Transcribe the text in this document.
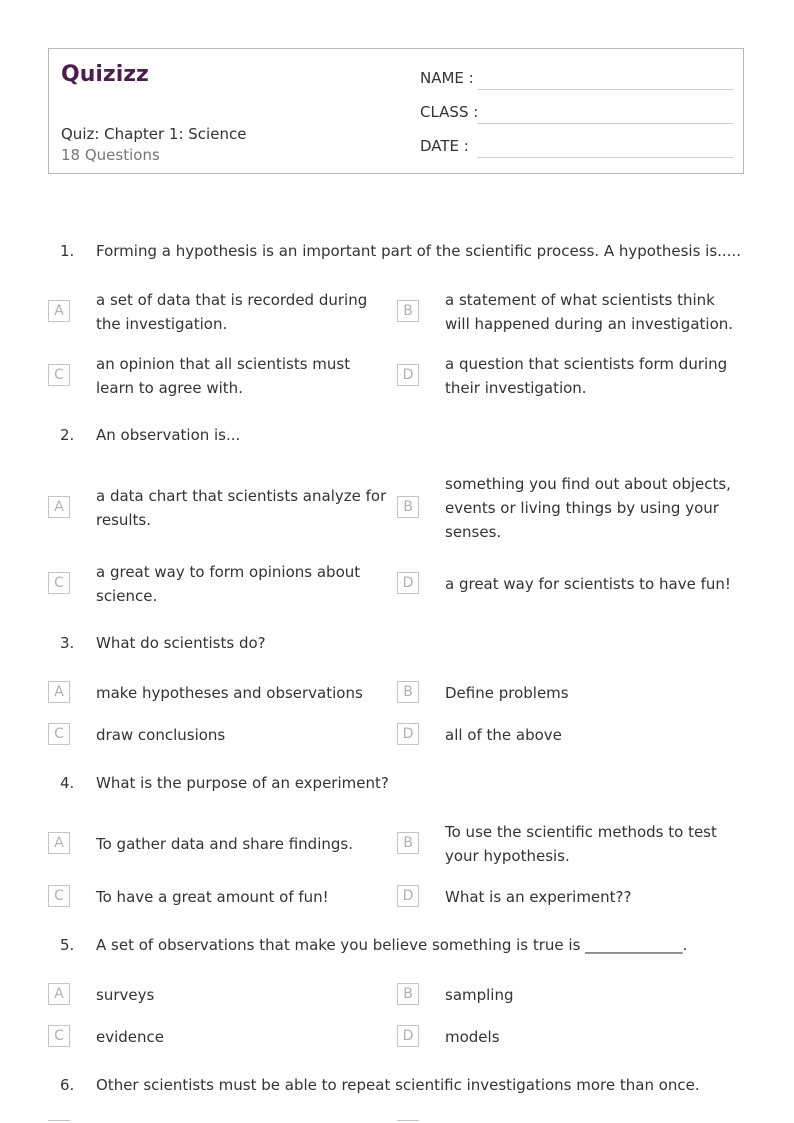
Quizizz
Quiz: Chapter 1: Science
18 Questions
NAME :
CLASS :
DATE :
1. Forming a hypothesis is an important part of the scientific process. A hypothesis is.....
A
a set of data that is recorded during the investigation.
B
a statement of what scientists think will happened during an investigation.
C
an opinion that all scientists must learn to agree with.
D
a question that scientists form during their investigation.
2. An observation is...
A
a data chart that scientists analyze for results.
B
something you find out about objects, events or living things by using your senses.
C
a great way to form opinions about science.
D	a great way for scientists to have fun!
3. What do scientists do?
A	make hypotheses and observations	B	Define problems
C	draw conclusions	D	all of the above
4. What is the purpose of an experiment?
A	To gather data and share findings.	B
To use the scientific methods to test your hypothesis.
C	To have a great amount of fun!	D	What is an experiment??
5. A set of observations that make you believe something is true is _____________.
A	surveys	B	sampling
C	evidence	D	models
6. Other scientists must be able to repeat scientific investigations more than once.
